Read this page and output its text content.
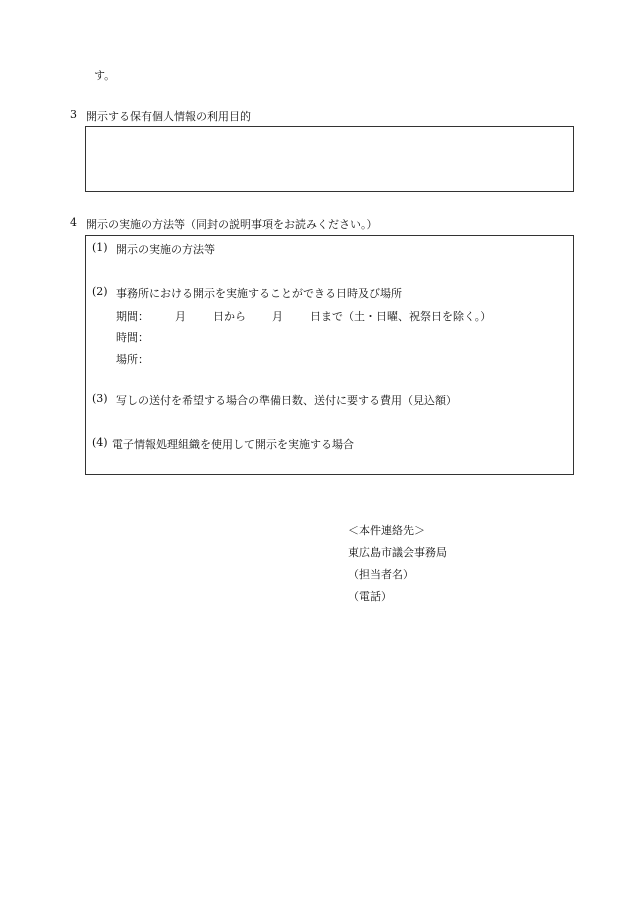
す。
3 開示する保有個人情報の利用目的
4 開示の実施の方法等（同封の説明事項をお読みください。）
(1) 開示の実施の方法等
(2) 事務所における開示を実施することができる日時及び場所
期間： 月 日から 月 日まで（土・日曜、祝祭日を除く。）
時間：
場所：
(3) 写しの送付を希望する場合の準備日数、送付に要する費用（見込額）
(4) 電子情報処理組織を使用して開示を実施する場合
＜本件連絡先＞
東広島市議会事務局
（担当者名）
（電話）
